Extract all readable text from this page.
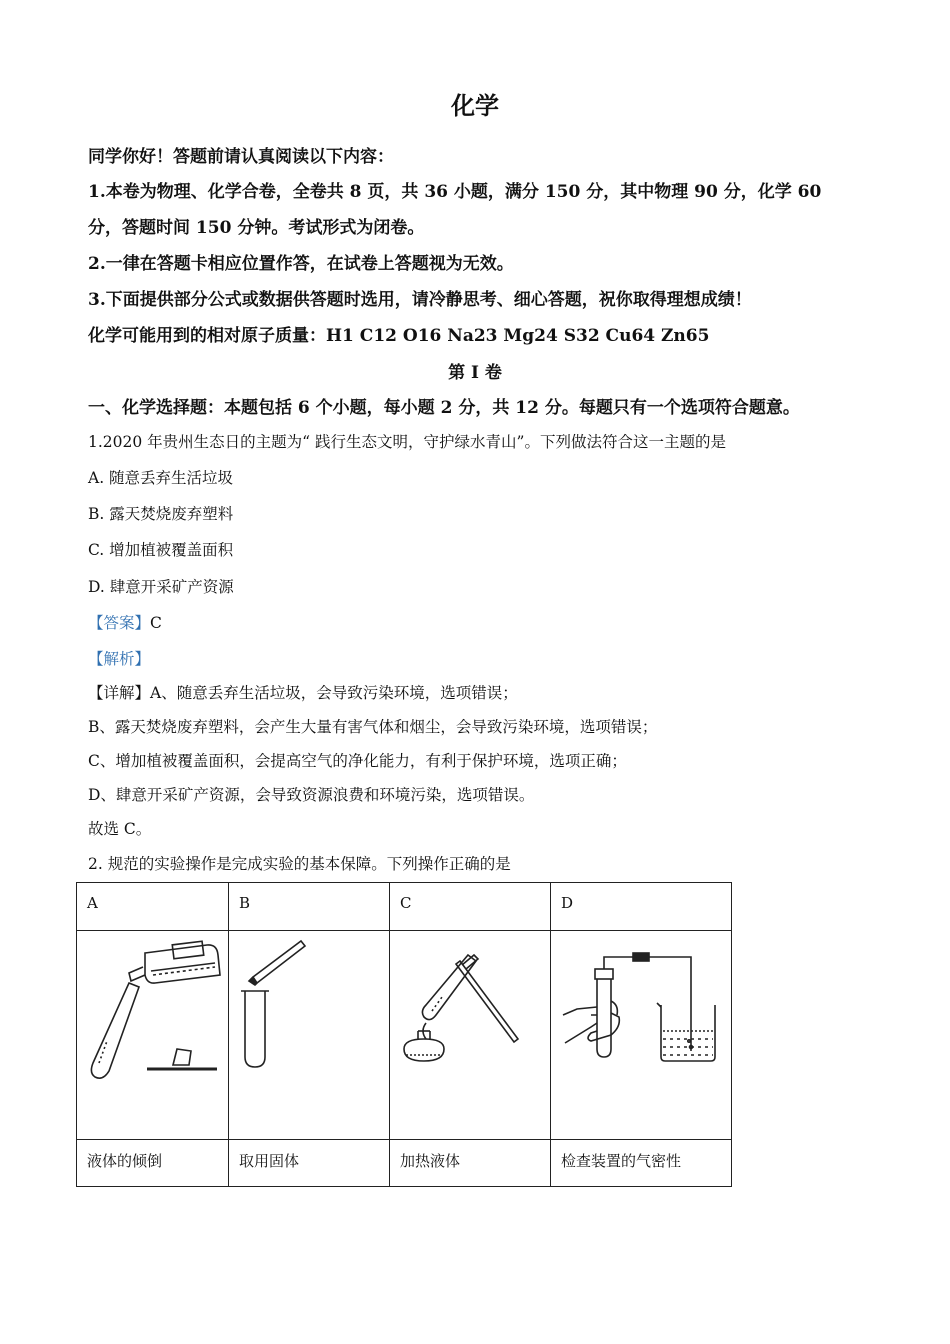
化学
同学你好！答题前请认真阅读以下内容：
1.本卷为物理、化学合卷，全卷共 8 页，共 36 小题，满分 150 分，其中物理 90 分，化学 60
分，答题时间 150 分钟。考试形式为闭卷。
2.一律在答题卡相应位置作答，在试卷上答题视为无效。
3.下面提供部分公式或数据供答题时选用，请冷静思考、细心答题，祝你取得理想成绩！
化学可能用到的相对原子质量：H1 C12 O16 Na23 Mg24 S32 Cu64 Zn65
第 I 卷
一、化学选择题：本题包括 6 个小题，每小题 2 分，共 12 分。每题只有一个选项符合题意。
1.2020 年贵州生态日的主题为“ 践行生态文明，守护绿水青山”。下列做法符合这一主题的是
A. 随意丢弃生活垃圾
B. 露天焚烧废弃塑料
C. 增加植被覆盖面积
D. 肆意开采矿产资源
【答案】C
【解析】
【详解】A、随意丢弃生活垃圾，会导致污染环境，选项错误；
B、露天焚烧废弃塑料，会产生大量有害气体和烟尘，会导致污染环境，选项错误；
C、增加植被覆盖面积，会提高空气的净化能力，有利于保护环境，选项正确；
D、肆意开采矿产资源，会导致资源浪费和环境污染，选项错误。
故选 C。
2. 规范的实验操作是完成实验的基本保障。下列操作正确的是
A	B	C	D

液体的倾倒	取用固体	加热液体	检查装置的气密性
